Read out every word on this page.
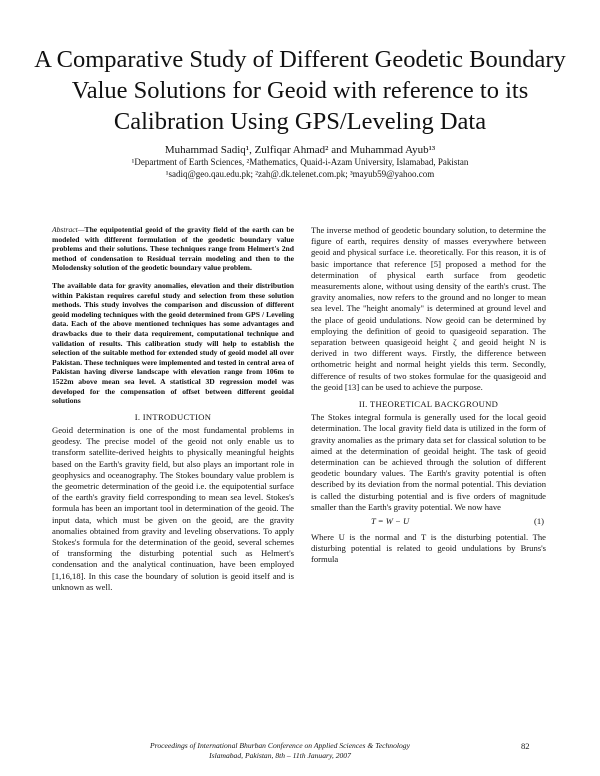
A Comparative Study of Different Geodetic Boundary
Value Solutions for Geoid with reference to its
Calibration Using GPS/Leveling Data
Muhammad Sadiq¹, Zulfiqar Ahmad² and Muhammad Ayub¹³
¹Department of Earth Sciences, ²Mathematics, Quaid-i-Azam University, Islamabad, Pakistan
¹sadiq@geo.qau.edu.pk; ²zah@.dk.telenet.com.pk; ³mayub59@yahoo.com

Abstract—The equipotential geoid of the gravity field of the earth can be modeled with different formulation of the geodetic boundary value problems and their solutions. These techniques range from Helmert's 2nd method of condensation to Residual terrain modeling and then to the Molodensky solution of the geodetic boundary value problem.

The available data for gravity anomalies, elevation and their distribution within Pakistan requires careful study and selection from these solution methods. This study involves the comparison and discussion of different geoid modeling techniques with the geoid determined from GPS / Leveling data. Each of the above mentioned techniques has some advantages and drawbacks due to their data requirement, computational technique and validation of results. This calibration study will help to establish the selection of the suitable method for extended study of geoid model all over Pakistan. These techniques were implemented and tested in central area of Pakistan having diverse landscape with elevation range from 106m to 1522m above mean sea level. A statistical 3D regression model was developed for the compensation of offset between different geoidal solutions

I. INTRODUCTION

Geoid determination is one of the most fundamental problems in geodesy. The precise model of the geoid not only enable us to transform satellite-derived heights to physically meaningful heights based on the Earth's gravity field, but also plays an important role in geophysics and oceanography. The Stokes boundary value problem is the geometric determination of the geoid i.e. the equipotential surface of the earth's gravity field corresponding to mean sea level. Stokes's formula has been an important tool in determination of the geoid. The input data, which must be given on the geoid, are the gravity anomalies obtained from gravity and leveling observations. To apply Stokes's formula for the determination of the geoid, several schemes of transforming the disturbing potential such as Helmert's condensation and the analytical continuation, have been employed [1,16,18]. In this case the boundary of solution is geoid itself and is unknown as well.

The inverse method of geodetic boundary solution, to determine the figure of earth, requires density of masses everywhere between geoid and physical surface i.e. theoretically. For this reason, it is of basic importance that reference [5] proposed a method for the determination of physical earth surface from geodetic measurements alone, without using density of the earth's crust. The gravity anomalies, now refers to the ground and no longer to mean sea level. The "height anomaly" is determined at ground level and the place of geoid undulations. Now geoid can be determined by employing the definition of geoid to quasigeoid separation. The separation between quasigeoid height ζ and geoid height N is derived in two different ways. Firstly, the difference between orthometric height and normal height yields this term. Secondly, difference of results of two stokes formulae for the quasigeoid and the geoid [13] can be used to achieve the purpose.

II. THEORETICAL BACKGROUND

The Stokes integral formula is generally used for the local geoid determination. The local gravity field data is utilized in the form of gravity anomalies as the primary data set for classical solution to be aimed at the determination of geoidal height. The task of geoid determination can be achieved through the solution of different geodetic boundary values. The Earth's gravity potential is often described by its deviation from the normal potential. This deviation is called the disturbing potential and is five orders of magnitude smaller than the Earth's gravity potential. We now have

T = W − U	(1)

Where U is the normal and T is the disturbing potential. The disturbing potential is related to geoid undulations by Bruns's formula

Proceedings of International Bhurban Conference on Applied Sciences & Technology
Islamabad, Pakistan, 8th – 11th January, 2007
82
